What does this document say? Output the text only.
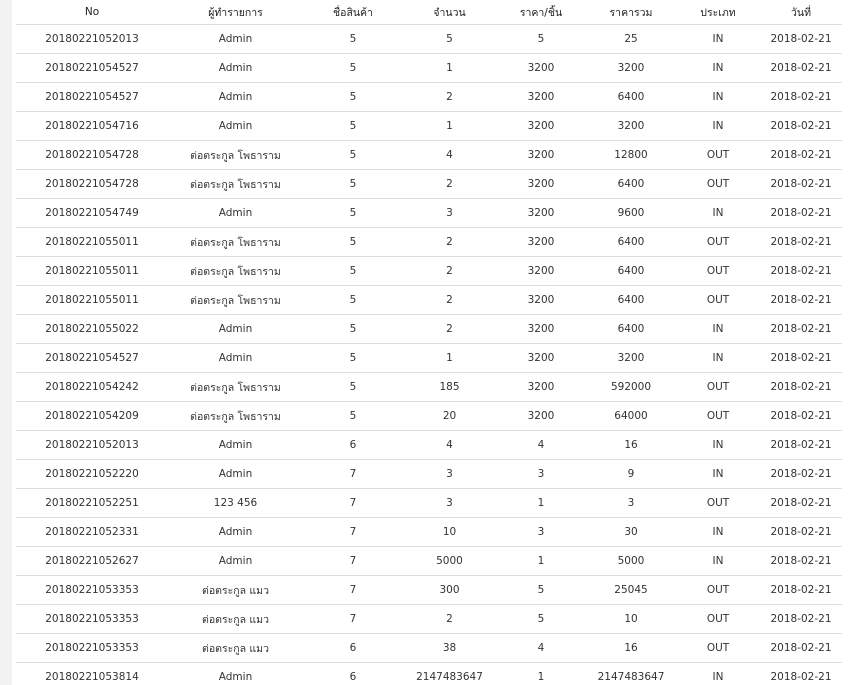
No	ผู้ทำรายการ	ชื่อสินค้า	จำนวน	ราคา/ชิ้น	ราคารวม	ประเภท	วันที่
20180221052013	Admin	5	5	5	25	IN	2018-02-21
20180221054527	Admin	5	1	3200	3200	IN	2018-02-21
20180221054527	Admin	5	2	3200	6400	IN	2018-02-21
20180221054716	Admin	5	1	3200	3200	IN	2018-02-21
20180221054728	ต่อตระกูล โพธาราม	5	4	3200	12800	OUT	2018-02-21
20180221054728	ต่อตระกูล โพธาราม	5	2	3200	6400	OUT	2018-02-21
20180221054749	Admin	5	3	3200	9600	IN	2018-02-21
20180221055011	ต่อตระกูล โพธาราม	5	2	3200	6400	OUT	2018-02-21
20180221055011	ต่อตระกูล โพธาราม	5	2	3200	6400	OUT	2018-02-21
20180221055011	ต่อตระกูล โพธาราม	5	2	3200	6400	OUT	2018-02-21
20180221055022	Admin	5	2	3200	6400	IN	2018-02-21
20180221054527	Admin	5	1	3200	3200	IN	2018-02-21
20180221054242	ต่อตระกูล โพธาราม	5	185	3200	592000	OUT	2018-02-21
20180221054209	ต่อตระกูล โพธาราม	5	20	3200	64000	OUT	2018-02-21
20180221052013	Admin	6	4	4	16	IN	2018-02-21
20180221052220	Admin	7	3	3	9	IN	2018-02-21
20180221052251	123 456	7	3	1	3	OUT	2018-02-21
20180221052331	Admin	7	10	3	30	IN	2018-02-21
20180221052627	Admin	7	5000	1	5000	IN	2018-02-21
20180221053353	ต่อตระกูล แมว	7	300	5	25045	OUT	2018-02-21
20180221053353	ต่อตระกูล แมว	7	2	5	10	OUT	2018-02-21
20180221053353	ต่อตระกูล แมว	6	38	4	16	OUT	2018-02-21
20180221053814	Admin	6	2147483647	1	2147483647	IN	2018-02-21
